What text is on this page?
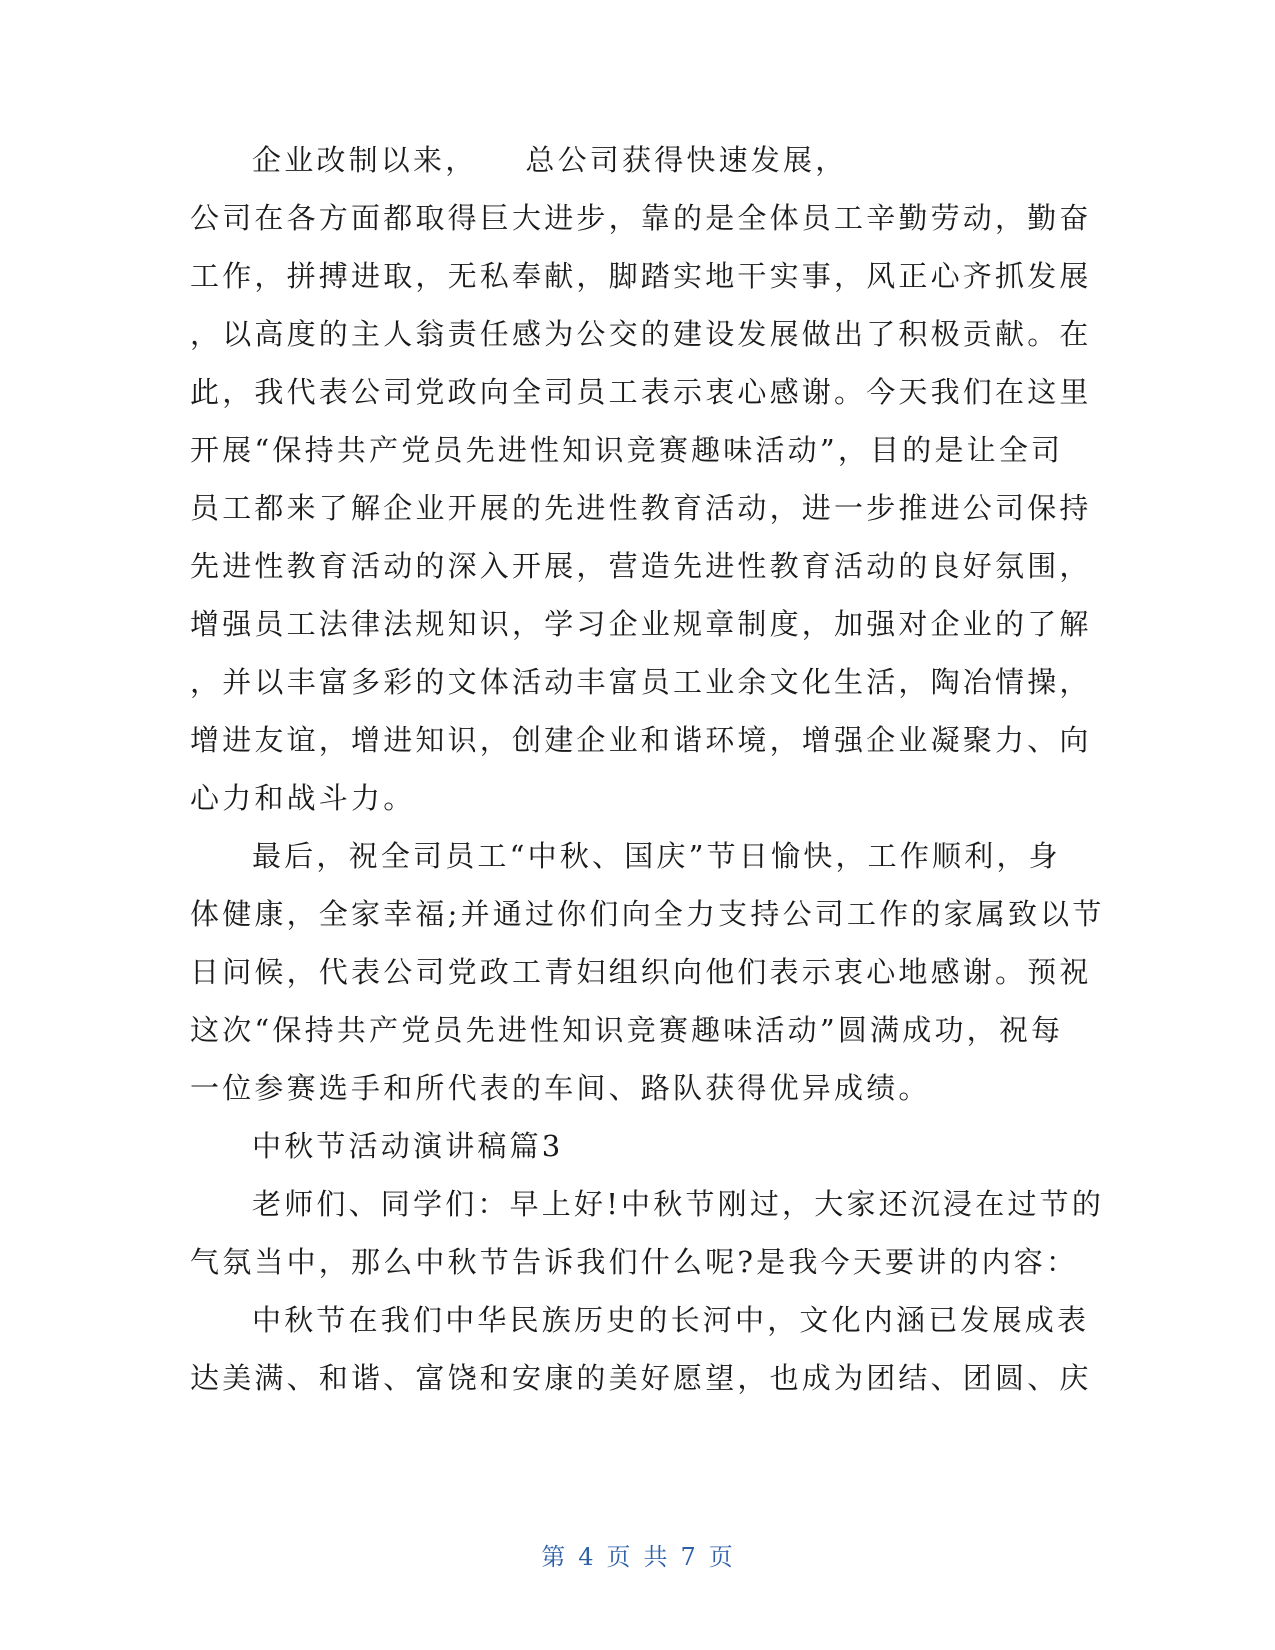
企业改制以来， 总公司获得快速发展，
公司在各方面都取得巨大进步，靠的是全体员工辛勤劳动，勤奋
工作，拼搏进取，无私奉献，脚踏实地干实事，风正心齐抓发展
，以高度的主人翁责任感为公交的建设发展做出了积极贡献。在
此，我代表公司党政向全司员工表示衷心感谢。今天我们在这里
开展“保持共产党员先进性知识竞赛趣味活动”，目的是让全司
员工都来了解企业开展的先进性教育活动，进一步推进公司保持
先进性教育活动的深入开展，营造先进性教育活动的良好氛围，
增强员工法律法规知识，学习企业规章制度，加强对企业的了解
，并以丰富多彩的文体活动丰富员工业余文化生活，陶冶情操，
增进友谊，增进知识，创建企业和谐环境，增强企业凝聚力、向
心力和战斗力。
最后，祝全司员工“中秋、国庆”节日愉快，工作顺利，身
体健康，全家幸福;并通过你们向全力支持公司工作的家属致以节
日问候，代表公司党政工青妇组织向他们表示衷心地感谢。预祝
这次“保持共产党员先进性知识竞赛趣味活动”圆满成功，祝每
一位参赛选手和所代表的车间、路队获得优异成绩。
中秋节活动演讲稿篇3
老师们、同学们：早上好!中秋节刚过，大家还沉浸在过节的
气氛当中，那么中秋节告诉我们什么呢?是我今天要讲的内容：
中秋节在我们中华民族历史的长河中，文化内涵已发展成表
达美满、和谐、富饶和安康的美好愿望，也成为团结、团圆、庆
第 4 页 共 7 页
